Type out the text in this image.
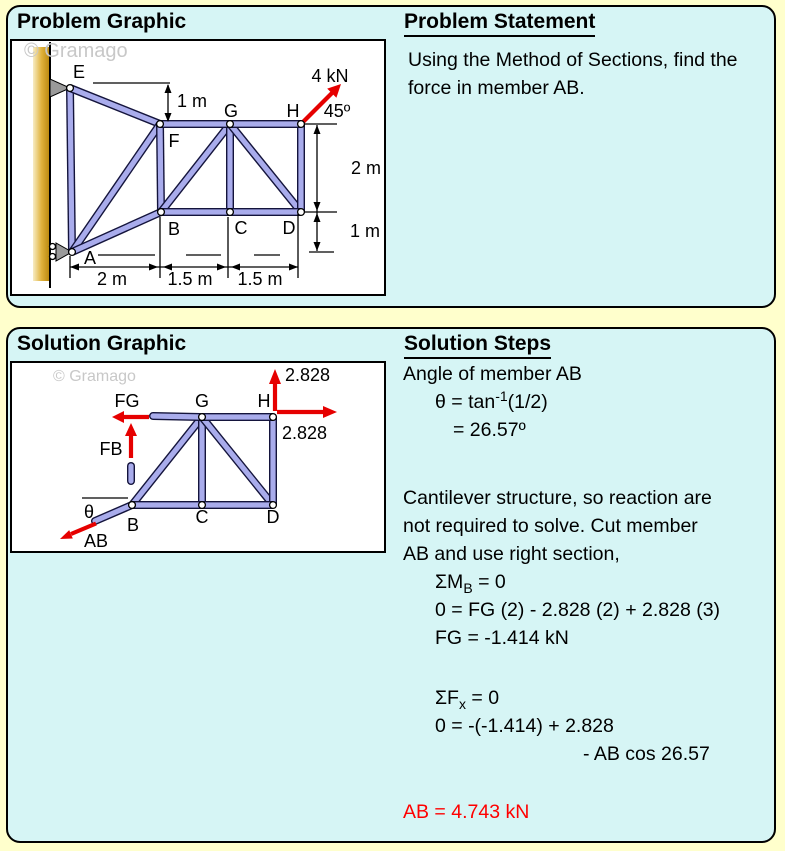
Problem Graphic	Problem Statement
Using the Method of Sections, find the
force in member AB.
© Gramago
E
F
G	H
A
B	C D
4 kN
45º
1 m
2 m
1 m
2 m 1.5 m 1.5 m
Solution Graphic	Solution Steps
© Gramago
FG	G	H
FB
θ
B	C	D
AB
2.828
2.828
Angle of member AB
$\theta = \tan^{-1}(1/2)$
= 26.57º
Cantilever structure, so reaction are
not required to solve. Cut member
AB and use right section,
$\Sigma M_B = 0$
0 = FG (2) - 2.828 (2) + 2.828 (3)
FG = -1.414 kN
$\Sigma F_x = 0$
0 = -(-1.414) + 2.828
- AB cos 26.57
AB = 4.743 kN
